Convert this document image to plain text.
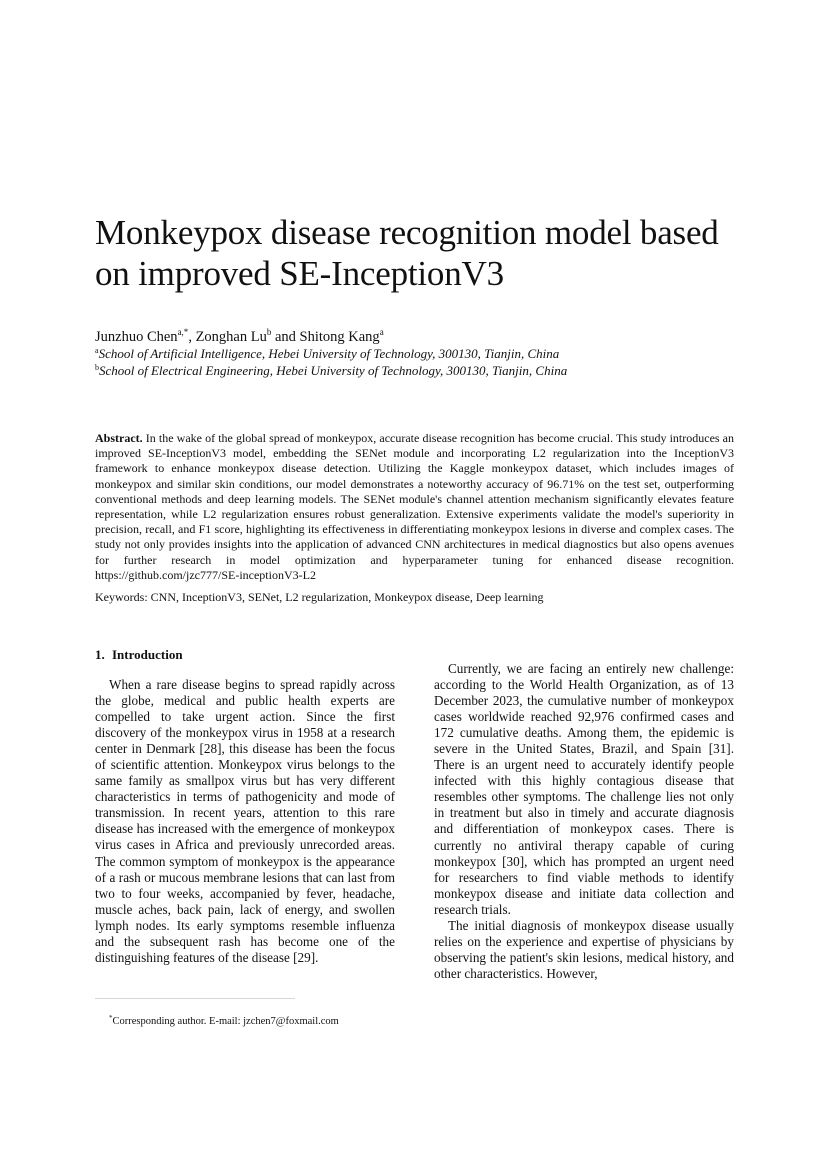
Monkeypox disease recognition model based on improved SE-InceptionV3
Junzhuo Chen$^{a,*}$, Zonghan Lu$^b$ and Shitong Kang$^a$
$^a$School of Artificial Intelligence, Hebei University of Technology, 300130, Tianjin, China
$^b$School of Electrical Engineering, Hebei University of Technology, 300130, Tianjin, China
Abstract. In the wake of the global spread of monkeypox, accurate disease recognition has become crucial. This study introduces an improved SE-InceptionV3 model, embedding the SENet module and incorporating L2 regularization into the InceptionV3 framework to enhance monkeypox disease detection. Utilizing the Kaggle monkeypox dataset, which includes images of monkeypox and similar skin conditions, our model demonstrates a noteworthy accuracy of 96.71% on the test set, outperforming conventional methods and deep learning models. The SENet module's channel attention mechanism significantly elevates feature representation, while L2 regularization ensures robust generalization. Extensive experiments validate the model's superiority in precision, recall, and F1 score, highlighting its effectiveness in differentiating monkeypox lesions in diverse and complex cases. The study not only provides insights into the application of advanced CNN architectures in medical diagnostics but also opens avenues for further research in model optimization and hyperparameter tuning for enhanced disease recognition. https://github.com/jzc777/SE-inceptionV3-L2
Keywords: CNN, InceptionV3, SENet, L2 regularization, Monkeypox disease, Deep learning
1. Introduction

When a rare disease begins to spread rapidly across the globe, medical and public health experts are compelled to take urgent action. Since the first discovery of the monkeypox virus in 1958 at a research center in Denmark [28], this disease has been the focus of scientific attention. Monkeypox virus belongs to the same family as smallpox virus but has very different characteristics in terms of pathogenicity and mode of transmission. In recent years, attention to this rare disease has increased with the emergence of monkeypox virus cases in Africa and previously unrecorded areas. The common symptom of monkeypox is the appearance of a rash or mucous membrane lesions that can last from two to four weeks, accompanied by fever, headache, muscle aches, back pain, lack of energy, and swollen lymph nodes. Its early symptoms resemble influenza and the subsequent rash has become one of the distinguishing features of the disease [29].

Currently, we are facing an entirely new challenge: according to the World Health Organization, as of 13 December 2023, the cumulative number of monkeypox cases worldwide reached 92,976 confirmed cases and 172 cumulative deaths. Among them, the epidemic is severe in the United States, Brazil, and Spain [31]. There is an urgent need to accurately identify people infected with this highly contagious disease that resembles other symptoms. The challenge lies not only in treatment but also in timely and accurate diagnosis and differentiation of monkeypox cases. There is currently no antiviral therapy capable of curing monkeypox [30], which has prompted an urgent need for researchers to find viable methods to identify monkeypox disease and initiate data collection and research trials.

The initial diagnosis of monkeypox disease usually relies on the experience and expertise of physicians by observing the patient's skin lesions, medical history, and other characteristics. However,

*Corresponding author. E-mail: jzchen7@foxmail.com
